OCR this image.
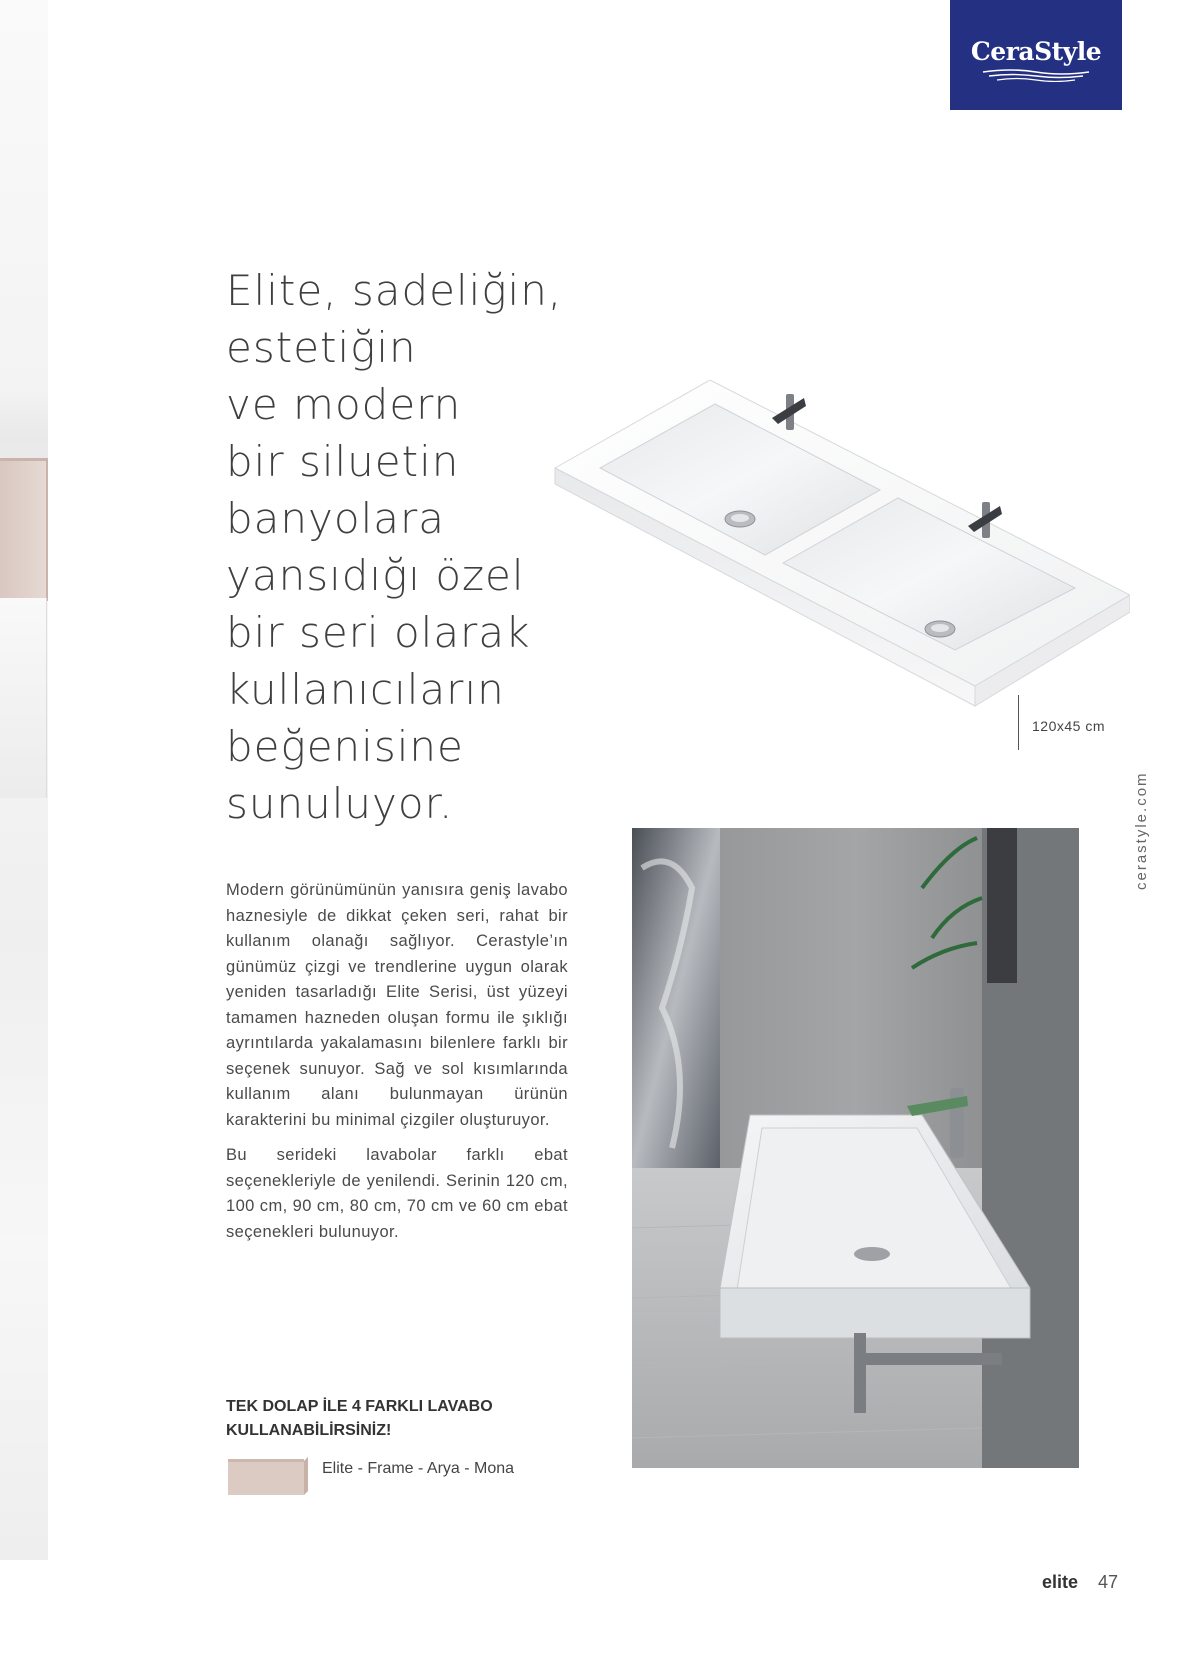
CeraStyle
Elite, sadeliğin,
estetiğin
ve modern
bir siluetin
banyolara
yansıdığı özel
bir seri olarak
kullanıcıların
beğenisine
sunuluyor.
120x45 cm
cerastyle.com

Modern görünümünün yanısıra geniş lavabo haznesiyle de dikkat çeken seri, rahat bir kullanım olanağı sağlıyor. Cerastyle’ın günümüz çizgi ve trendlerine uygun olarak yeniden tasarladığı Elite Serisi, üst yüzeyi tamamen hazneden oluşan formu ile şıklığı ayrıntılarda yakalamasını bilenlere farklı bir seçenek sunuyor. Sağ ve sol kısımlarında kullanım alanı bulunmayan ürünün karakterini bu minimal çizgiler oluşturuyor.

Bu serideki lavabolar farklı ebat seçenekleriyle de yenilendi. Serinin 120 cm, 100 cm, 90 cm, 80 cm, 70 cm ve 60 cm ebat seçenekleri bulunuyor.

TEK DOLAP İLE 4 FARKLI LAVABO
KULLANABİLİRSİNİZ!
Elite - Frame - Arya - Mona
elite 47
